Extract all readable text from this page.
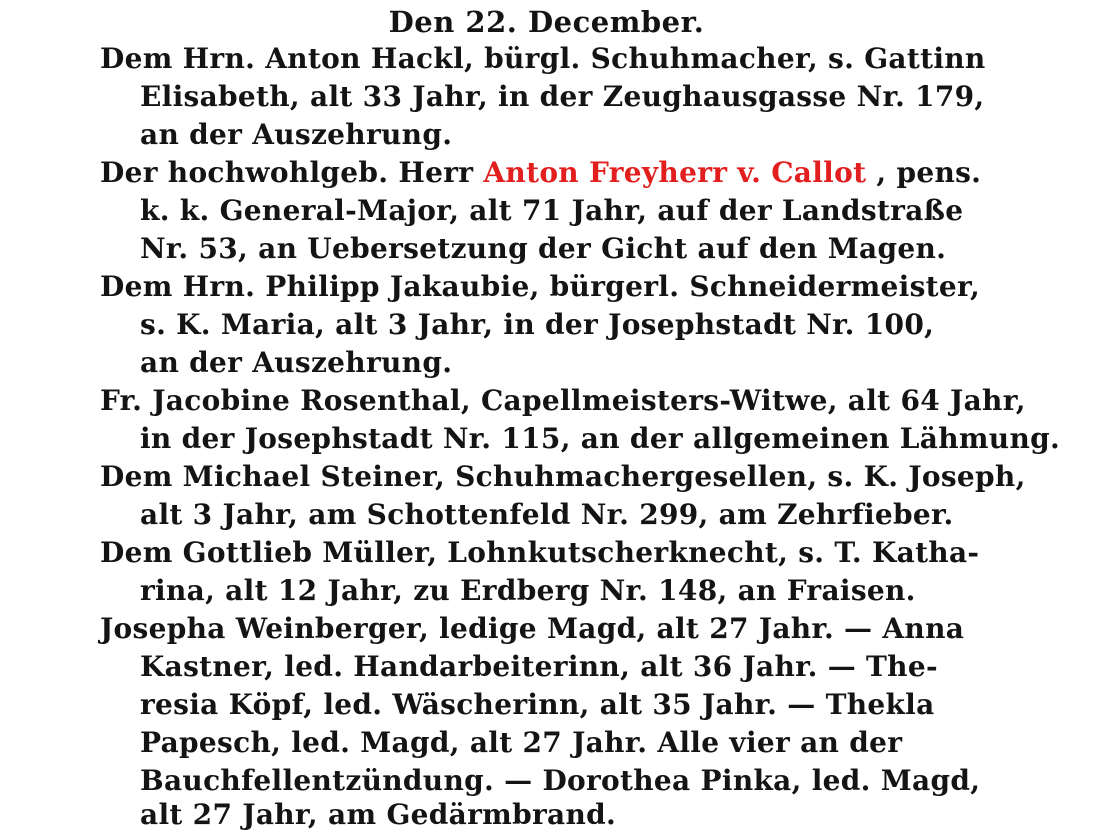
Den 22. December.
Dem Hrn. Anton Hackl, bürgl. Schuhmacher, s. Gattinn
Elisabeth, alt 33 Jahr, in der Zeughausgasse Nr. 179,
an der Auszehrung.
Der hochwohlgeb. Herr Anton Freyherr v. Callot , pens.
k. k. General-Major, alt 71 Jahr, auf der Landstraße
Nr. 53, an Uebersetzung der Gicht auf den Magen.
Dem Hrn. Philipp Jakaubie, bürgerl. Schneidermeister,
s. K. Maria, alt 3 Jahr, in der Josephstadt Nr. 100,
an der Auszehrung.
Fr. Jacobine Rosenthal, Capellmeisters-Witwe, alt 64 Jahr,
in der Josephstadt Nr. 115, an der allgemeinen Lähmung.
Dem Michael Steiner, Schuhmachergesellen, s. K. Joseph,
alt 3 Jahr, am Schottenfeld Nr. 299, am Zehrfieber.
Dem Gottlieb Müller, Lohnkutscherknecht, s. T. Katha-
rina, alt 12 Jahr, zu Erdberg Nr. 148, an Fraisen.
Josepha Weinberger, ledige Magd, alt 27 Jahr. — Anna
Kastner, led. Handarbeiterinn, alt 36 Jahr. — The-
resia Köpf, led. Wäscherinn, alt 35 Jahr. — Thekla
Papesch, led. Magd, alt 27 Jahr. Alle vier an der
Bauchfellentzündung. — Dorothea Pinka, led. Magd,
alt 27 Jahr, am Gedärmbrand.
